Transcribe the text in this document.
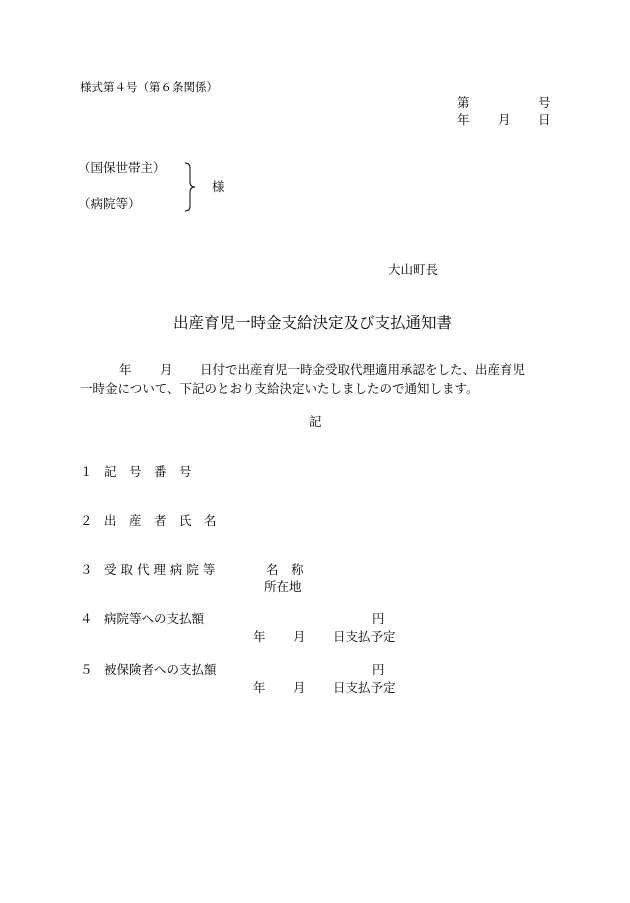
様式第４号（第６条関係）
第	号
年 月 日
（国保世帯主）
（病院等）
様
大山町長
出産育児一時金支給決定及び支払通知書
年 月 日付で出産育児一時金受取代理適用承認をした、出産育児
一時金について、下記のとおり支給決定いたしましたので通知します。
記
１ 記　号　番　号
２ 出　産　者　氏　名
３ 受 取 代 理 病 院 等	名　称
所在地
４ 病院等への支払額	円
年 月 日支払予定
５ 被保険者への支払額	円
年 月 日支払予定
